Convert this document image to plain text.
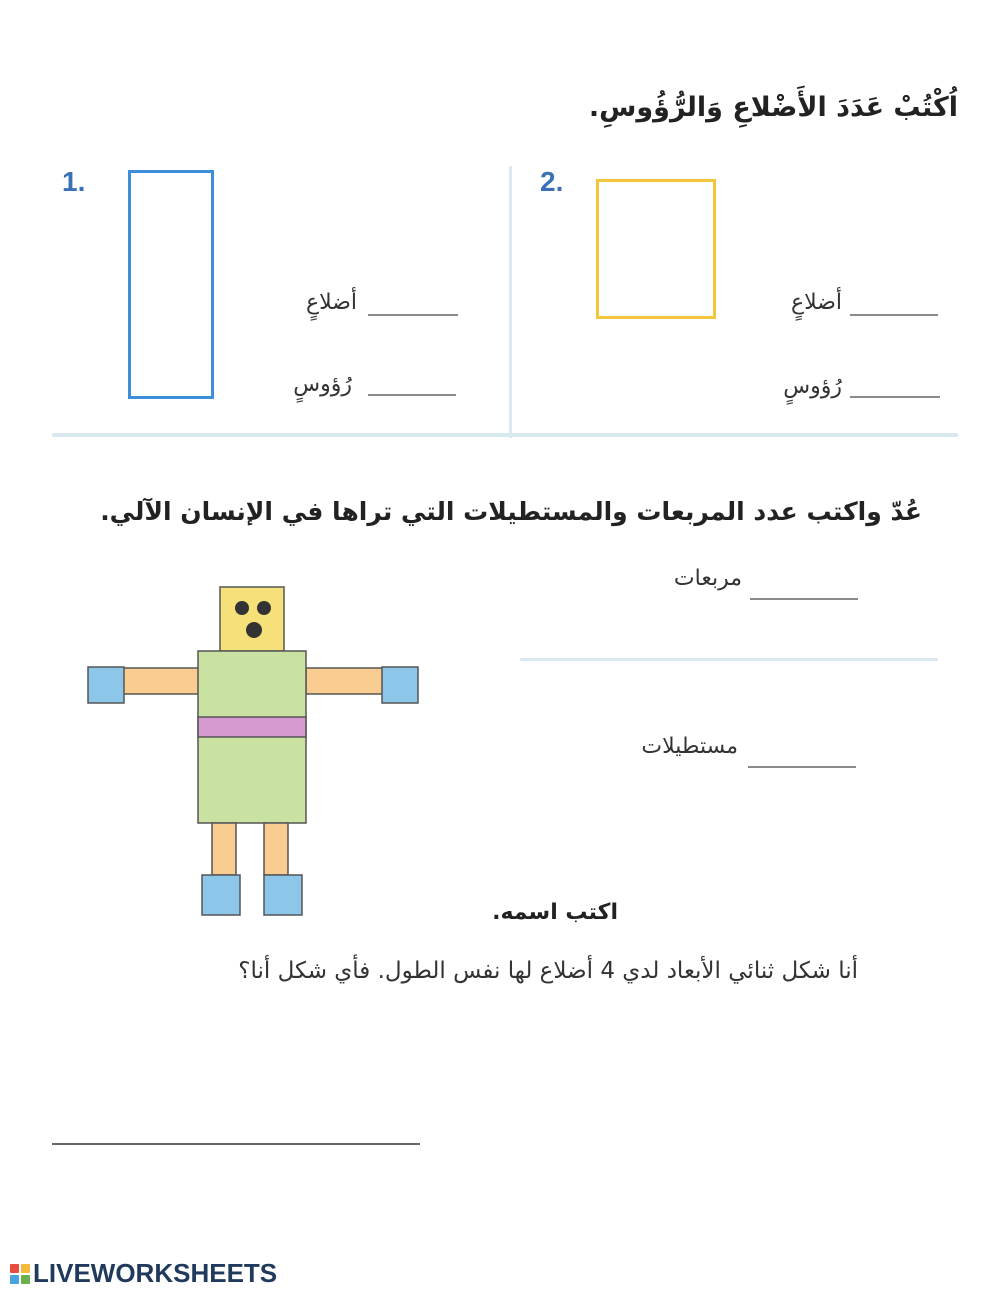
اُكْتُبْ عَدَدَ الأَضْلاعِ وَالرُّؤُوسِ.
1.
أضلاعٍ
رُؤوسٍ
2.
أضلاعٍ
رُؤوسٍ
عُدّ واكتب عدد المربعات والمستطيلات التي تراها في الإنسان الآلي.
مربعات
مستطيلات
اكتب اسمه.
أنا شكل ثنائي الأبعاد لدي 4 أضلاع لها نفس الطول. فأي شكل أنا؟
LIVEWORKSHEETS
